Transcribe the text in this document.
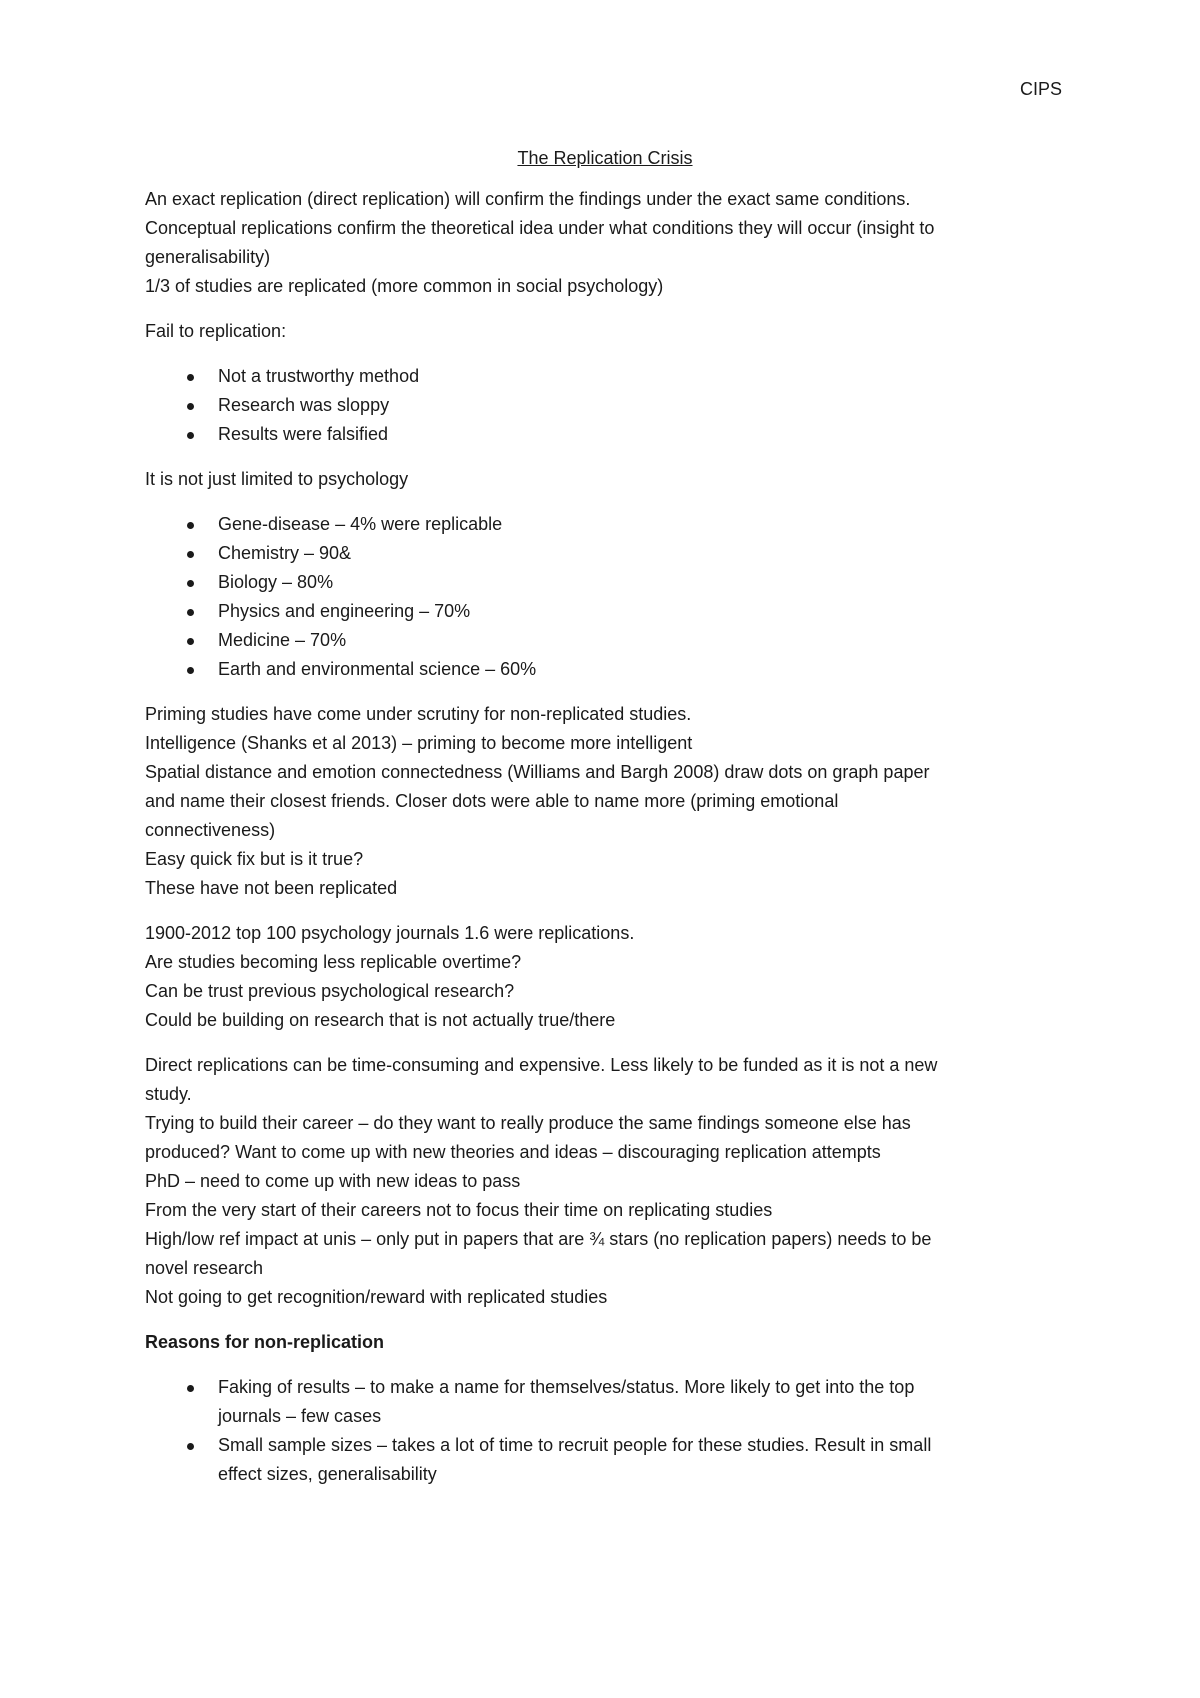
CIPS
The Replication Crisis
An exact replication (direct replication) will confirm the findings under the exact same conditions.
Conceptual replications confirm the theoretical idea under what conditions they will occur (insight to
generalisability)
1/3 of studies are replicated (more common in social psychology)
Fail to replication:
Not a trustworthy method
Research was sloppy
Results were falsified
It is not just limited to psychology
Gene-disease – 4% were replicable
Chemistry – 90&
Biology – 80%
Physics and engineering – 70%
Medicine – 70%
Earth and environmental science – 60%
Priming studies have come under scrutiny for non-replicated studies.
Intelligence (Shanks et al 2013) – priming to become more intelligent
Spatial distance and emotion connectedness (Williams and Bargh 2008) draw dots on graph paper
and name their closest friends. Closer dots were able to name more (priming emotional
connectiveness)
Easy quick fix but is it true?
These have not been replicated
1900-2012 top 100 psychology journals 1.6 were replications.
Are studies becoming less replicable overtime?
Can be trust previous psychological research?
Could be building on research that is not actually true/there
Direct replications can be time-consuming and expensive. Less likely to be funded as it is not a new
study.
Trying to build their career – do they want to really produce the same findings someone else has
produced? Want to come up with new theories and ideas – discouraging replication attempts
PhD – need to come up with new ideas to pass
From the very start of their careers not to focus their time on replicating studies
High/low ref impact at unis – only put in papers that are ¾ stars (no replication papers) needs to be
novel research
Not going to get recognition/reward with replicated studies
Reasons for non-replication
Faking of results – to make a name for themselves/status. More likely to get into the top
journals – few cases
Small sample sizes – takes a lot of time to recruit people for these studies. Result in small
effect sizes, generalisability
